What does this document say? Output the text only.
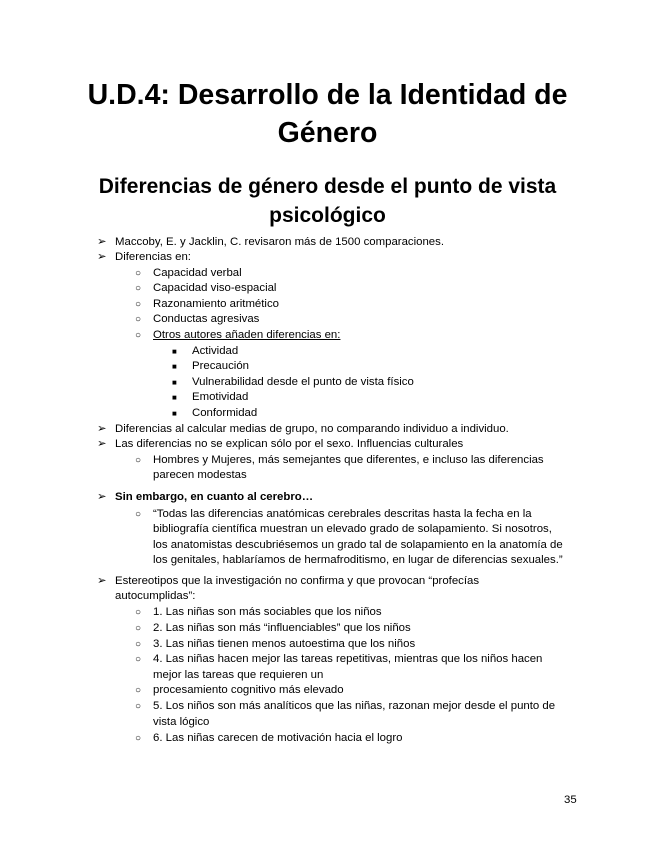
U.D.4: Desarrollo de la Identidad de Género
Diferencias de género desde el punto de vista psicológico
➢ Maccoby, E. y Jacklin, C. revisaron más de 1500 comparaciones.
➢ Diferencias en:
○ Capacidad verbal
○ Capacidad viso-espacial
○ Razonamiento aritmético
○ Conductas agresivas
○ Otros autores añaden diferencias en:
■ Actividad
■ Precaución
■ Vulnerabilidad desde el punto de vista físico
■ Emotividad
■ Conformidad
➢ Diferencias al calcular medias de grupo, no comparando individuo a individuo.
➢ Las diferencias no se explican sólo por el sexo. Influencias culturales
○ Hombres y Mujeres, más semejantes que diferentes, e incluso las diferencias
parecen modestas
➢ Sin embargo, en cuanto al cerebro…
○ “Todas las diferencias anatómicas cerebrales descritas hasta la fecha en la
bibliografía científica muestran un elevado grado de solapamiento. Si nosotros,
los anatomistas descubriésemos un grado tal de solapamiento en la anatomía de
los genitales, hablaríamos de hermafroditismo, en lugar de diferencias sexuales.”
➢ Estereotipos que la investigación no confirma y que provocan “profecías
autocumplidas”:
○ 1. Las niñas son más sociables que los niños
○ 2. Las niñas son más “influenciables” que los niños
○ 3. Las niñas tienen menos autoestima que los niños
○ 4. Las niñas hacen mejor las tareas repetitivas, mientras que los niños hacen
mejor las tareas que requieren un
○ procesamiento cognitivo más elevado
○ 5. Los niños son más analíticos que las niñas, razonan mejor desde el punto de
vista lógico
○ 6. Las niñas carecen de motivación hacia el logro
35
